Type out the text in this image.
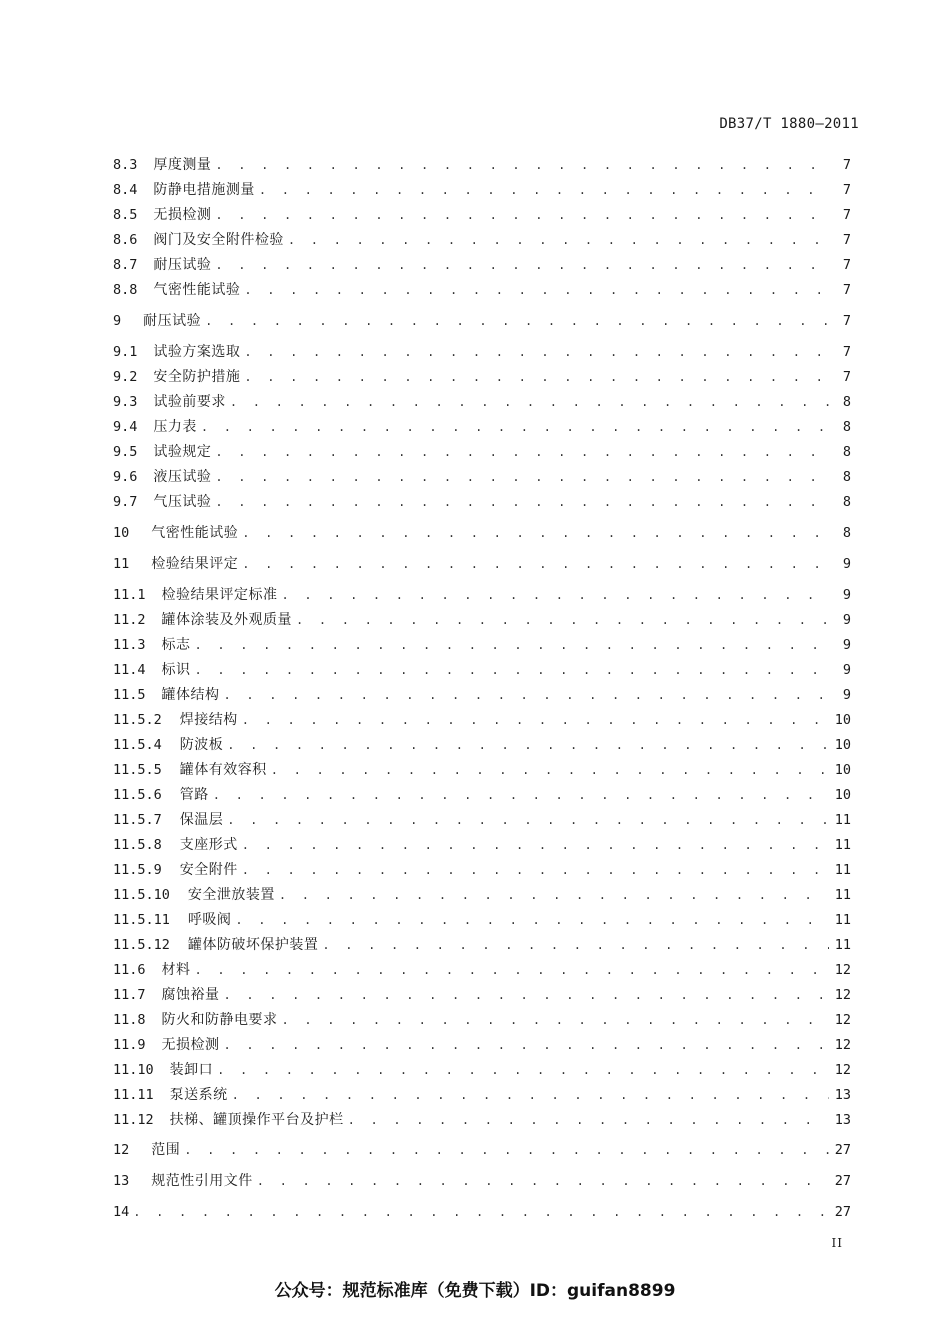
DB37/T 1880—2011
8.3 厚度测量 . . .	7
8.4 防静电措施测量 . . .	7
8.5 无损检测 . . .	7
8.6 阀门及安全附件检验 . . .	7
8.7 耐压试验 . . .	7
8.8 气密性能试验 . . .	7
9 耐压试验 . . .	7
9.1 试验方案选取 . . .	7
9.2 安全防护措施 . . .	7
9.3 试验前要求 . . .	8
9.4 压力表 . . .	8
9.5 试验规定 . . .	8
9.6 液压试验 . . .	8
9.7 气压试验 . . .	8
10 气密性能试验 . . .	8
11 检验结果评定 . . .	9
11.1 检验结果评定标准 . . .	9
11.2 罐体涂装及外观质量 . . .	9
11.3 标志 . . .	9
11.4 标识 . . .	9
11.5 罐体结构 . . .	9
11.5.2 焊接结构 . . .	10
11.5.4 防波板 . . .	10
11.5.5 罐体有效容积 . . .	10
11.5.6 管路 . . .	10
11.5.7 保温层 . . .	11
11.5.8 支座形式 . . .	11
11.5.9 安全附件 . . .	11
11.5.10 安全泄放装置 . . .	11
11.5.11 呼吸阀 . . .	11
11.5.12 罐体防破坏保护装置 . . .	11
11.6 材料 . . .	12
11.7 腐蚀裕量 . . .	12
11.8 防火和防静电要求 . . .	12
11.9 无损检测 . . .	12
11.10 装卸口 . . .	12
11.11 泵送系统 . . .	13
11.12 扶梯、罐顶操作平台及护栏 . . .	13
12 范围 . . .	27
13 规范性引用文件 . . .	27
14 . . .	27
II
公众号：规范标准库（免费下载）ID：guifan8899
